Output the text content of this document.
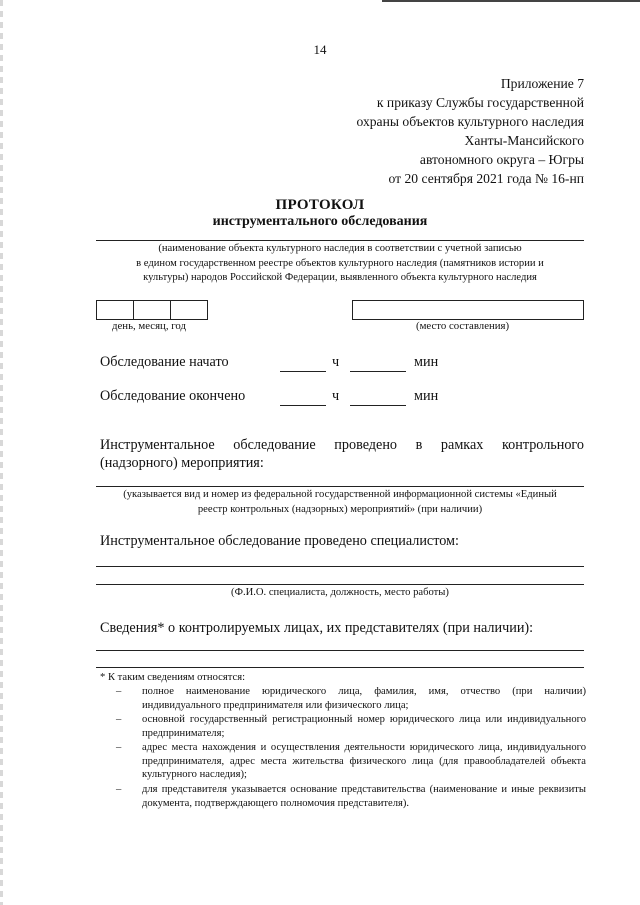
14
Приложение 7
к приказу Службы государственной
охраны объектов культурного наследия
Ханты-Мансийского
автономного округа – Югры
от 20 сентября 2021 года № 16-нп
ПРОТОКОЛ
инструментального обследования
(наименование объекта культурного наследия в соответствии с учетной записью
в едином государственном реестре объектов культурного наследия (памятников истории и
культуры) народов Российской Федерации, выявленного объекта культурного наследия
день, месяц, год	(место составления)
Обследование начато	ч	мин
Обследование окончено	ч	мин
Инструментальное обследование проведено в рамках контрольного
(надзорного) мероприятия:
(указывается вид и номер из федеральной государственной информационной системы «Единый
реестр контрольных (надзорных) мероприятий» (при наличии)
Инструментальное обследование проведено специалистом:
(Ф.И.О. специалиста, должность, место работы)
Сведения* о контролируемых лицах, их представителях (при наличии):
* К таким сведениям относятся:
–	полное наименование юридического лица, фамилия, имя, отчество (при наличии) индивидуального предпринимателя или физического лица;
–	основной государственный регистрационный номер юридического лица или индивидуального предпринимателя;
–	адрес места нахождения и осуществления деятельности юридического лица, индивидуального предпринимателя, адрес места жительства физического лица (для правообладателей объекта культурного наследия);
–	для представителя указывается основание представительства (наименование и иные реквизиты документа, подтверждающего полномочия представителя).
